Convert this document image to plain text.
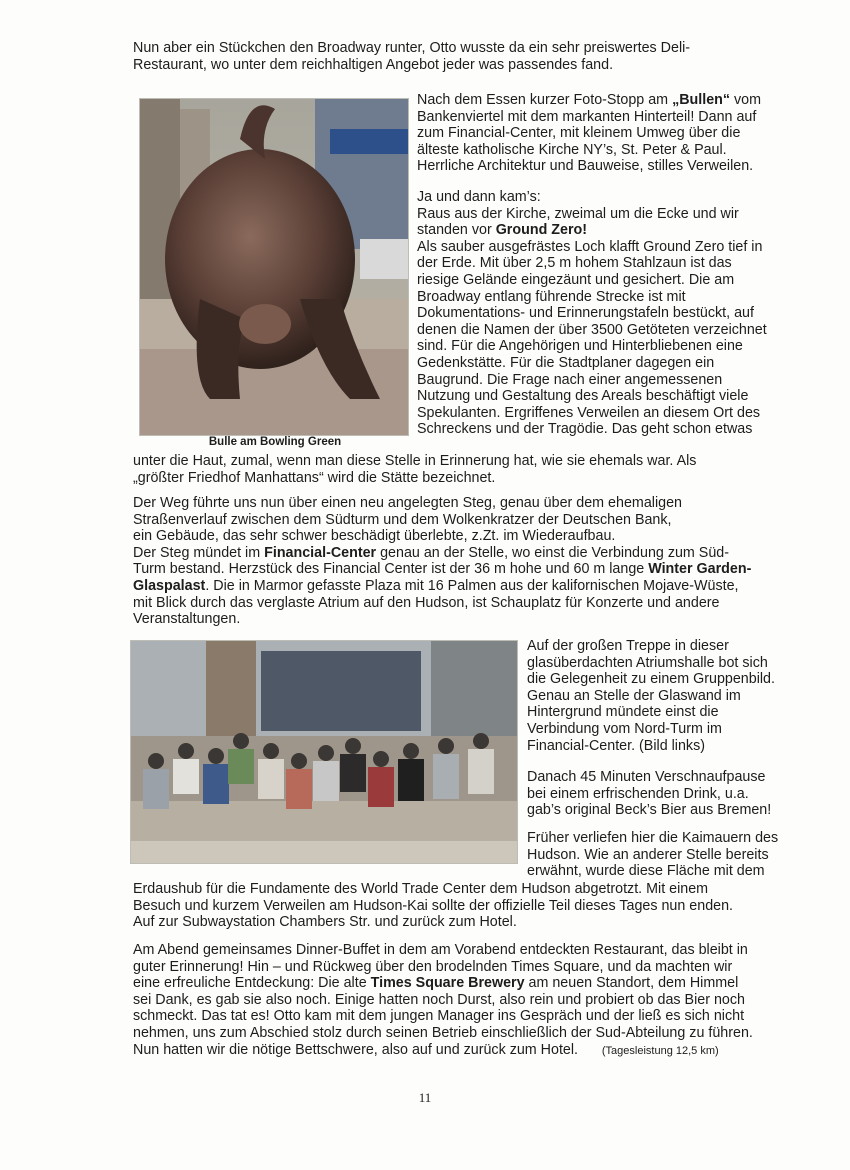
Nun aber ein Stückchen den Broadway runter, Otto wusste da ein sehr preiswertes Deli-
Restaurant, wo unter dem reichhaltigen Angebot jeder was passendes fand.

Bulle am Bowling Green

Nach dem Essen kurzer Foto-Stopp am „Bullen“ vom
Bankenviertel mit dem markanten Hinterteil! Dann auf
zum Financial-Center, mit kleinem Umweg über die
älteste katholische Kirche NY’s, St. Peter & Paul.
Herrliche Architektur und Bauweise, stilles Verweilen.

Ja und dann kam’s:
Raus aus der Kirche, zweimal um die Ecke und wir
standen vor Ground Zero!
Als sauber ausgefrästes Loch klafft Ground Zero tief in
der Erde. Mit über 2,5 m hohem Stahlzaun ist das
riesige Gelände eingezäunt und gesichert. Die am
Broadway entlang führende Strecke ist mit
Dokumentations- und Erinnerungstafeln bestückt, auf
denen die Namen der über 3500 Getöteten verzeichnet
sind. Für die Angehörigen und Hinterbliebenen eine
Gedenkstätte. Für die Stadtplaner dagegen ein
Baugrund. Die Frage nach einer angemessenen
Nutzung und Gestaltung des Areals beschäftigt viele
Spekulanten. Ergriffenes Verweilen an diesem Ort des
Schreckens und der Tragödie. Das geht schon etwas

unter die Haut, zumal, wenn man diese Stelle in Erinnerung hat, wie sie ehemals war. Als
„größter Friedhof Manhattans“ wird die Stätte bezeichnet.

Der Weg führte uns nun über einen neu angelegten Steg, genau über dem ehemaligen
Straßenverlauf zwischen dem Südturm und dem Wolkenkratzer der Deutschen Bank,
ein Gebäude, das sehr schwer beschädigt überlebte, z.Zt. im Wiederaufbau.
Der Steg mündet im Financial-Center genau an der Stelle, wo einst die Verbindung zum Süd-
Turm bestand. Herzstück des Financial Center ist der 36 m hohe und 60 m lange Winter Garden-
Glaspalast. Die in Marmor gefasste Plaza mit 16 Palmen aus der kalifornischen Mojave-Wüste,
mit Blick durch das verglaste Atrium auf den Hudson, ist Schauplatz für Konzerte und andere
Veranstaltungen.

Auf der großen Treppe in dieser
glasüberdachten Atriumshalle bot sich
die Gelegenheit zu einem Gruppenbild.
Genau an Stelle der Glaswand im
Hintergrund mündete einst die
Verbindung vom Nord-Turm im
Financial-Center. (Bild links)

Danach 45 Minuten Verschnaufpause
bei einem erfrischenden Drink, u.a.
gab’s original Beck’s Bier aus Bremen!

Früher verliefen hier die Kaimauern des
Hudson. Wie an anderer Stelle bereits
erwähnt, wurde diese Fläche mit dem

Erdaushub für die Fundamente des World Trade Center dem Hudson abgetrotzt. Mit einem
Besuch und kurzem Verweilen am Hudson-Kai sollte der offizielle Teil dieses Tages nun enden.
Auf zur Subwaystation Chambers Str. und zurück zum Hotel.

Am Abend gemeinsames Dinner-Buffet in dem am Vorabend entdeckten Restaurant, das bleibt in
guter Erinnerung! Hin – und Rückweg über den brodelnden Times Square, und da machten wir
eine erfreuliche Entdeckung: Die alte Times Square Brewery am neuen Standort, dem Himmel
sei Dank, es gab sie also noch. Einige hatten noch Durst, also rein und probiert ob das Bier noch
schmeckt. Das tat es! Otto kam mit dem jungen Manager ins Gespräch und der ließ es sich nicht
nehmen, uns zum Abschied stolz durch seinen Betrieb einschließlich der Sud-Abteilung zu führen.
Nun hatten wir die nötige Bettschwere, also auf und zurück zum Hotel. (Tagesleistung 12,5 km)

11
